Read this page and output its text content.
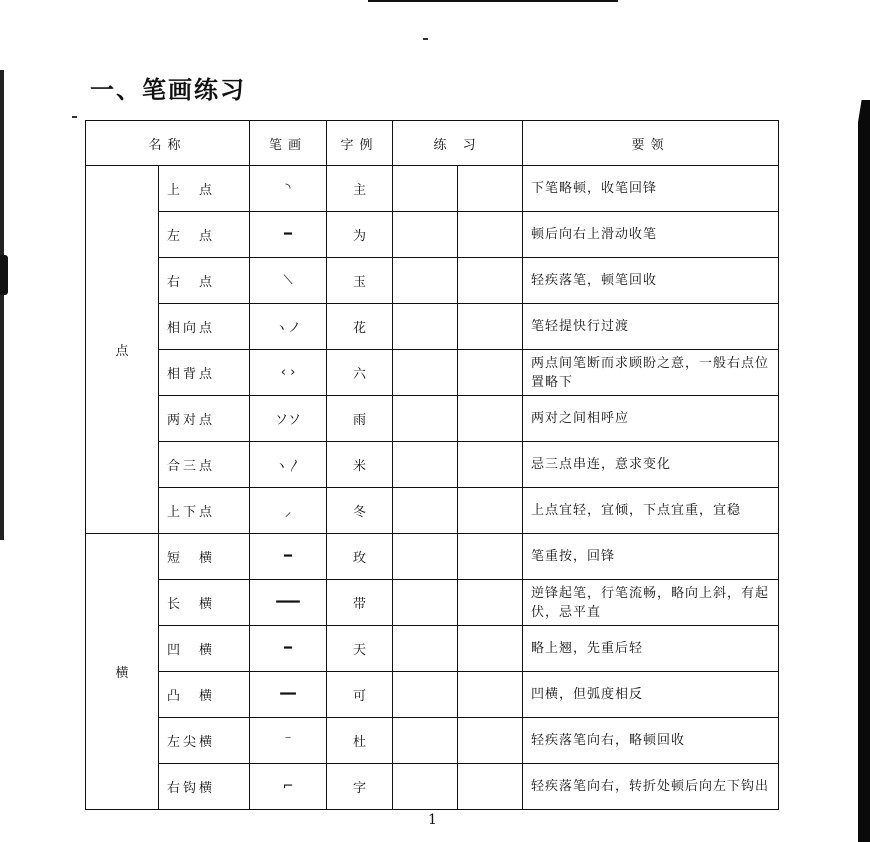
一、笔画练习
名称		笔画	字例	练 习		要领
点	上　点	◝	主			下笔略顿，收笔回锋
	左　点	━	为			顿后向右上滑动收笔
	右　点	⟍	玉			轻疾落笔，顿笔回收
	相向点	ヽノ	花			笔轻提快行过渡
	相背点	‹ ›	六			两点间笔断而求顾盼之意，一般右点位置略下
	两对点	ソソ	雨			两对之间相呼应
	合三点	ヽ〳	米			忌三点串连，意求变化
	上下点	⸝	冬			上点宜轻，宜倾，下点宜重，宜稳
横	短　横	━	玫			笔重按，回锋
	长　横	━━━	带			逆锋起笔，行笔流畅，略向上斜，有起伏，忌平直
	凹　横	━	天			略上翘，先重后轻
	凸　横	━━	可			凹横，但弧度相反
	左尖横	⁻	杜			轻疾落笔向右，略顿回收
	右钩横	⌐	字			轻疾落笔向右，转折处顿后向左下钩出
1
